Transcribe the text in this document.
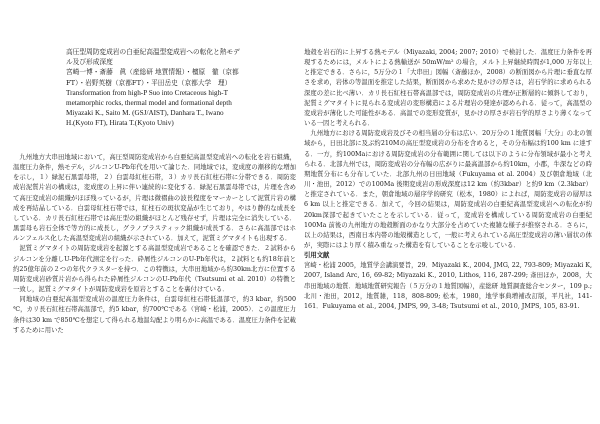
高圧型周防変成岩の白亜紀高温型変成岩への転化と熱モデ
ル及び形成深度
宮崎一博・斎藤　眞（産総研 地質情報）・檀原　徹（京都
FT）・岩野英樹（京都FT）・平田岳史（京都大学　理）
Transformation from high-P Suo into Cretaceous high-T
metamorphic rocks, thermal model and formational depth
Miyazaki K., Saito M. (GSJ/AIST), Danhara T., Iwano
H.(Kyoto FT), Hirata T.(Kyoto Univ)

九州地方大串田地域において，高圧型周防変成岩から白亜紀高温型変成岩への転化を岩石組織，温度圧力条件，熱モデル，ジルコンU-Pb年代を用いて論じた．同地域では，変成度の漸移的な増加を示し，１）緑泥石黒雲母帯，２）白雲母紅柱石帯，３）カリ長石紅柱石帯に分帯できる．周防変成岩泥質片岩の構成は，変成度の上昇に伴い連続的に変化する．緑泥石黒雲母帯では，片理を含めて高圧変成岩の組織がほぼ残っているが，片理は微褶曲の波長程度をマーカーとして泥質片岩の構成を再結晶している．白雲母紅柱石帯では，紅柱石の斑状変晶が生じており，やはり静的な成長をしている．カリ長石紅柱石帯では高圧型の組織がほとんど残存せず，片理は完全に消失している．黒雲母も岩石全体で等方的に成長し，グラノブラスティック組織が成長する．さらに高温部ではホルンフェルス化した高温型変成岩の組織が示されている．加えて，泥質ミグマタイトも出現する．

泥質ミグマタイトの周防変成岩を起源とする高温型変成岩であることを確認できた．２試料からジルコンを分離しU-Pb年代測定を行った．砕屑性ジルコンのU-Pb年代は，２試料とも約18年前と約25億年前の２つの年代クラスターを持つ．この特徴は，大串田地域から約30km北方に位置する周防変成岩砂質片岩から得られた砕屑性ジルコンのU-Pb年代（Tsutsumi et al. 2010）の特徴と一致し，泥質ミグマタイトが周防変成岩を原岩とすることを裏付けている．

同地域の白亜紀高温型変成岩の温度圧力条件は，白雲母紅柱石帯低温部で，約3 kbar，約500 ℃，カリ長石紅柱石帯高温部で，約5 kbar，約700℃である（宮崎・松浦，2005）．この温度圧力条件は30 km で850℃を想定して得られる地温勾配より明らかに高温である．温度圧力条件を記載するために用いた

地殻を岩石的に上昇する熱モデル（Miyazaki, 2004; 2007; 2010）で検討した．温度圧力条件を再現するためには，メルトによる熱輸送が 50mW/m² の場合，メルト上昇継続時間が1,000 万年以上と推定できる．さらに，5万分の１「大串田」図幅（斎藤ほか，2008）の断面図から片理に垂直な厚さを求め，岩体の等温面を推定した結果，断面図から求めた見かけの厚さは，岩石学的に求められる深度の差に比べ薄い．カリ長石紅柱石帯高温部では，周防変成岩の片理が正断層的に傾斜しており，泥質ミグマタイトに見られる変成岩の変形構造による片理岩の発達が認められる．従って，高温型の変成岩が薄化した可能性がある．高温での変形変質が，見かけの厚さが岩石学的厚さより薄くなっている一因と考えられる．

九州地方における周防変成岩及びその相当層の分布は広い．20万分の１地質図幅「大分」の北の領域から，日田北部に及ぶ約210Mの高圧型変成岩の分布を含めると，その分布幅は約100 km に達する．一方，約100Maにおける周防変成岩の分布範囲に関しては以下のように分布領域が最小と考えられる．北部九州では，周防変成岩の分布幅の広がりに最高温部から約10km，小郡，牛深などの時期地質分布にも分布していた．北部九州の日田地域（Fukuyama et al. 2004）及び朝倉地域（北川・池田，2012）での100Ma 後期変成岩の形成深度は12 km（約3kbar）と約9 km（2.3kbar）と推定されている．また，朝倉地域の層序学的研究（松本，1980）によれば，周防変成岩の層厚は 6 km 以上と推定できる．加えて，今回の結果は，周防変成岩の白亜紀高温型変成岩への転化が約20km深部で起きていたことを示している．従って，変成岩を構成している周防変成岩の白亜紀 100Ma 前後の九州地方の地殻断面のかなり大部分を占めていた複雑な様子が推察される．さらに，以上の結果は，西南日本内帯の地殻構造として，一般に考えられている高圧型変成岩の薄い層状の体が，実際にはより厚く積み重なった構造を有していることを示唆している．

引用文献

宮崎・松浦 2005，地質学会講演要旨，29．Miyazaki K., 2004, JMG, 22, 793-809; Miyazaki K, 2007, Island Arc, 16, 69-82; Miyazaki K., 2010, Lithos, 116, 287-299; 斎田ほか，2008，大串田地域の地質．地域地質研究報告（５万分の１地質図幅），産総研 地質調査総合センター，109 p.; 北川・池田，2012，地質雑，118，808-809; 松本，1980，地学事典増補改訂版，平凡社，141-161．Fukuyama et al., 2004, JMPS, 99, 3-48; Tsutsumi et al., 2010, JMPS, 105, 83-91.
